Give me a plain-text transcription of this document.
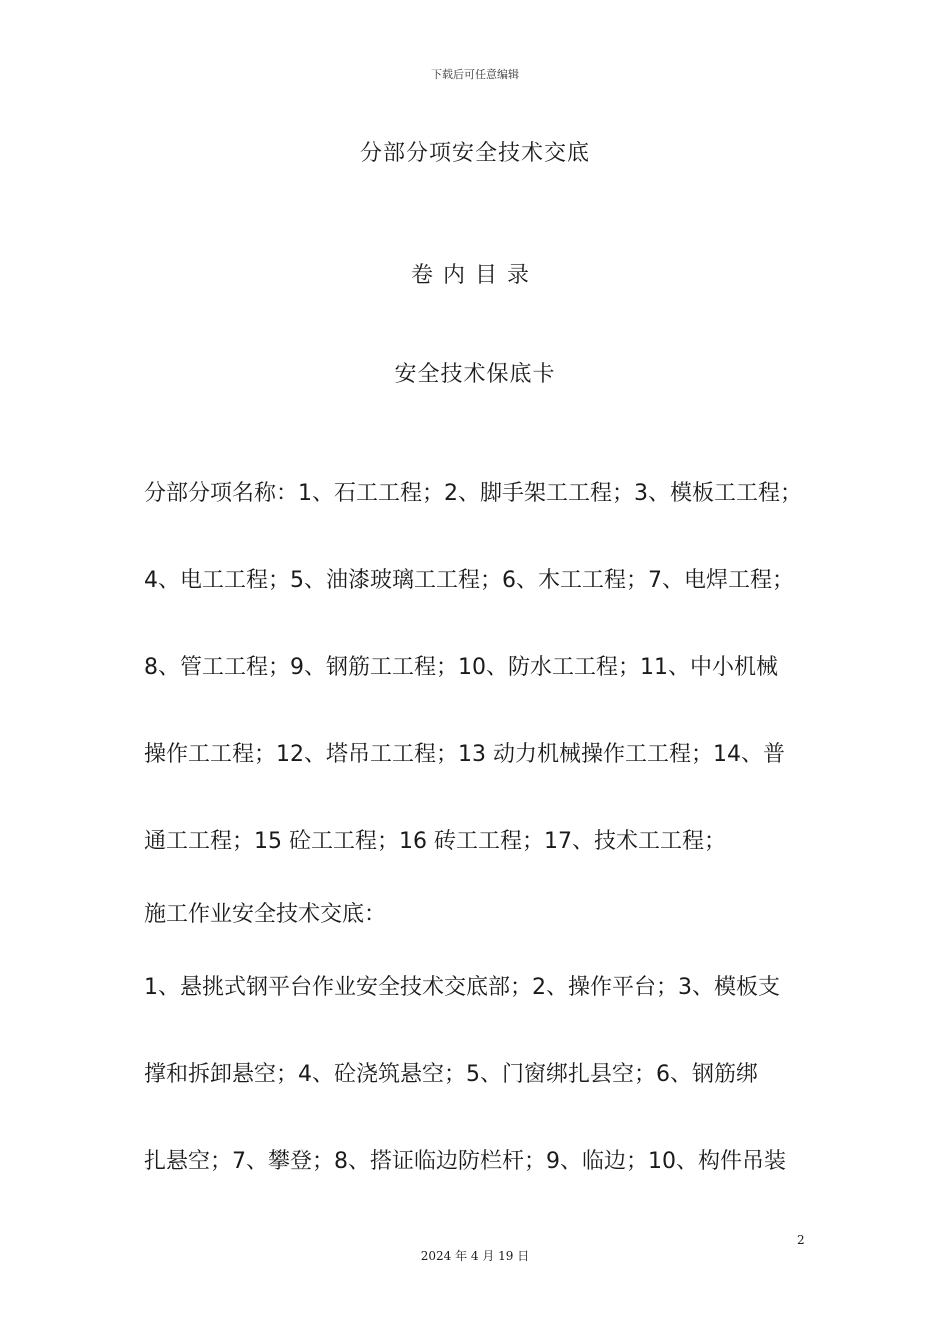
下载后可任意编辑
分部分项安全技术交底
卷内目录
安全技术保底卡
分部分项名称：1、石工工程；2、脚手架工工程；3、模板工工程；
4、电工工程；5、油漆玻璃工工程；6、木工工程；7、电焊工程；
8、管工工程；9、钢筋工工程；10、防水工工程；11、中小机械
操作工工程；12、塔吊工工程；13 动力机械操作工工程；14、普
通工工程；15 砼工工程；16 砖工工程；17、技术工工程；
施工作业安全技术交底：
1、悬挑式钢平台作业安全技术交底部；2、操作平台；3、模板支
撑和拆卸悬空；4、砼浇筑悬空；5、门窗绑扎县空；6、钢筋绑
扎悬空；7、攀登；8、搭证临边防栏杆；9、临边；10、构件吊装
2
2024 年 4 月 19 日
